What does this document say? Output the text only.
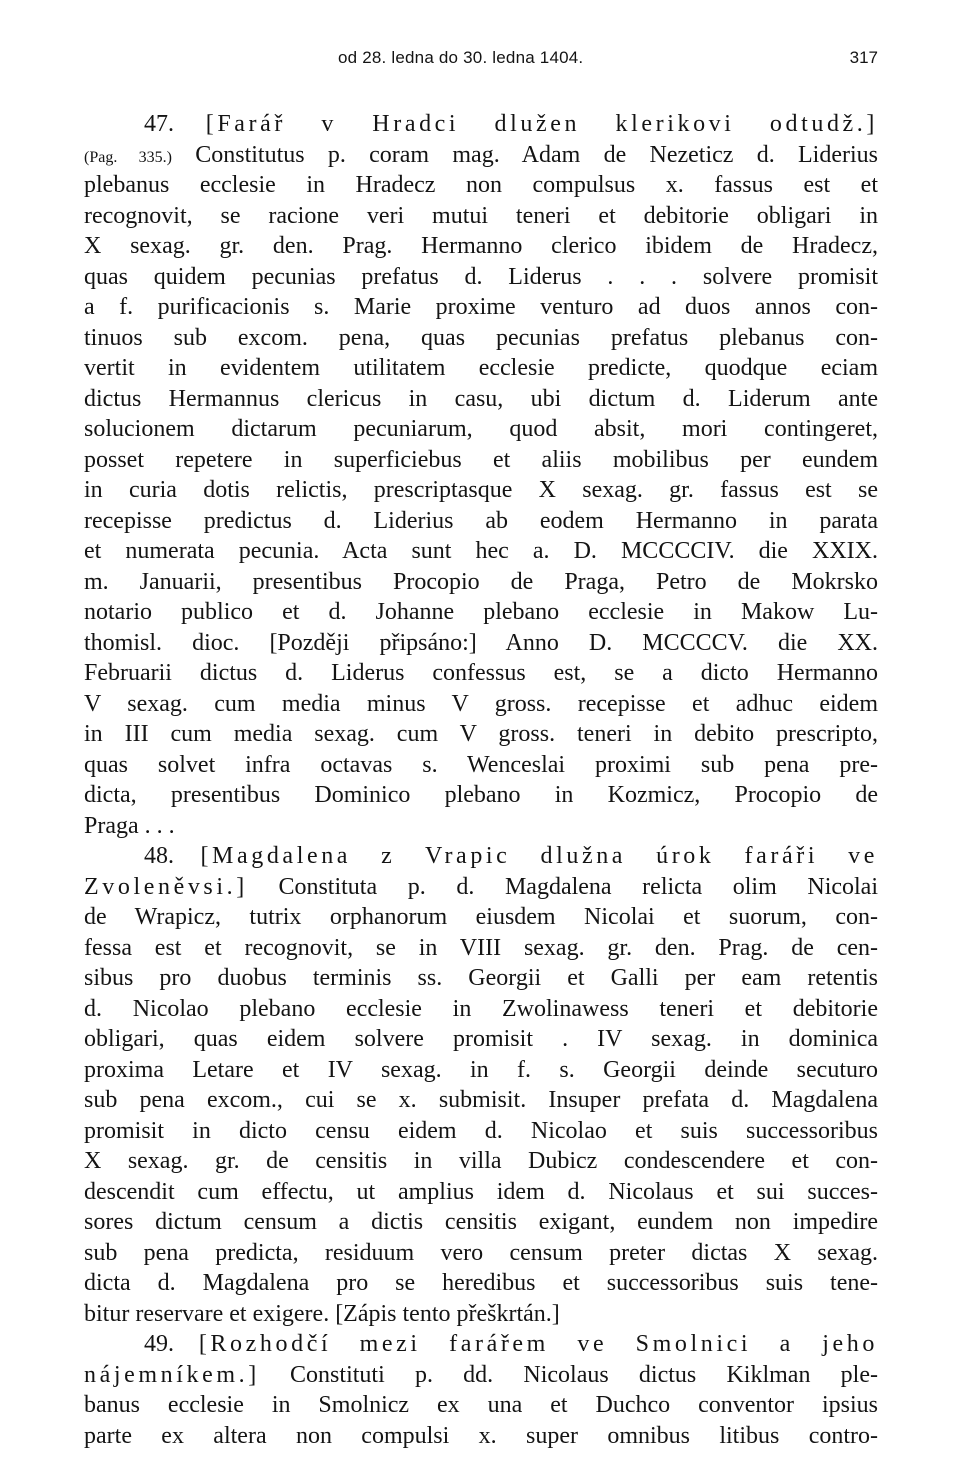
od 28. ledna do 30. ledna 1404.	317
47. [Farář v Hradci dlužen klerikovi odtudž.]
(Pag. 335.) Constitutus p. coram mag. Adam de Nezeticz d. Liderius
plebanus ecclesie in Hradecz non compulsus x. fassus est et
recognovit, se racione veri mutui teneri et debitorie obligari in
X sexag. gr. den. Prag. Hermanno clerico ibidem de Hradecz,
quas quidem pecunias prefatus d. Liderus . . . solvere promisit
a f. purificacionis s. Marie proxime venturo ad duos annos con-
tinuos sub excom. pena, quas pecunias prefatus plebanus con-
vertit in evidentem utilitatem ecclesie predicte, quodque eciam
dictus Hermannus clericus in casu, ubi dictum d. Liderum ante
solucionem dictarum pecuniarum, quod absit, mori contingeret,
posset repetere in superficiebus et aliis mobilibus per eundem
in curia dotis relictis, prescriptasque X sexag. gr. fassus est se
recepisse predictus d. Liderius ab eodem Hermanno in parata
et numerata pecunia. Acta sunt hec a. D. MCCCCIV. die XXIX.
m. Januarii, presentibus Procopio de Praga, Petro de Mokrsko
notario publico et d. Johanne plebano ecclesie in Makow Lu-
thomisl. dioc. [Později připsáno:] Anno D. MCCCCV. die XX.
Februarii dictus d. Liderus confessus est, se a dicto Hermanno
V sexag. cum media minus V gross. recepisse et adhuc eidem
in III cum media sexag. cum V gross. teneri in debito prescripto,
quas solvet infra octavas s. Wenceslai proximi sub pena pre-
dicta, presentibus Dominico plebano in Kozmicz, Procopio de
Praga . . .
48. [Magdalena z Vrapic dlužna úrok faráři ve
Zvoleněvsi.] Constituta p. d. Magdalena relicta olim Nicolai
de Wrapicz, tutrix orphanorum eiusdem Nicolai et suorum, con-
fessa est et recognovit, se in VIII sexag. gr. den. Prag. de cen-
sibus pro duobus terminis ss. Georgii et Galli per eam retentis
d. Nicolao plebano ecclesie in Zwolinawess teneri et debitorie
obligari, quas eidem solvere promisit . IV sexag. in dominica
proxima Letare et IV sexag. in f. s. Georgii deinde secuturo
sub pena excom., cui se x. submisit. Insuper prefata d. Magdalena
promisit in dicto censu eidem d. Nicolao et suis successoribus
X sexag. gr. de censitis in villa Dubicz condescendere et con-
descendit cum effectu, ut amplius idem d. Nicolaus et sui succes-
sores dictum censum a dictis censitis exigant, eundem non impedire
sub pena predicta, residuum vero censum preter dictas X sexag.
dicta d. Magdalena pro se heredibus et successoribus suis tene-
bitur reservare et exigere. [Zápis tento přeškrtán.]
49. [Rozhodčí mezi farářem ve Smolnici a jeho
nájemníkem.] Constituti p. dd. Nicolaus dictus Kiklman ple-
banus ecclesie in Smolnicz ex una et Duchco conventor ipsius
parte ex altera non compulsi x. super omnibus litibus contro-
